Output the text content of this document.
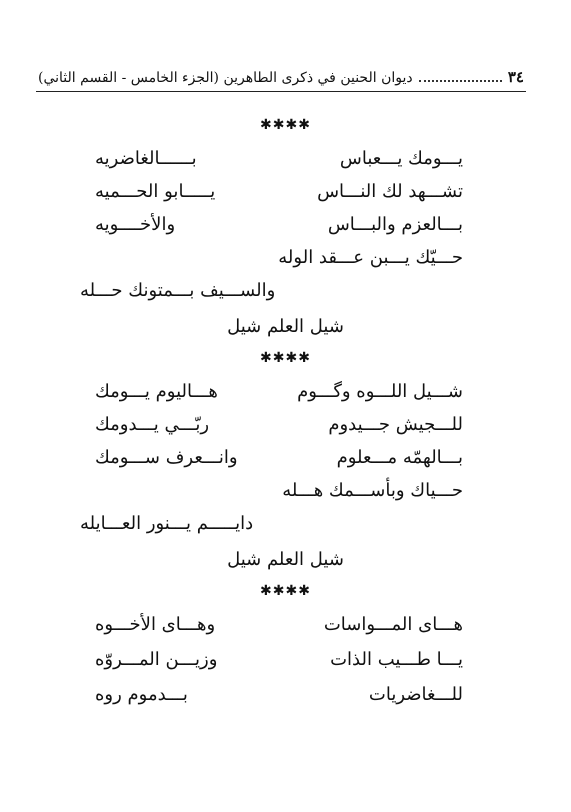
٣٤
ديوان الحنين في ذكرى الطاهرين (الجزء الخامس - القسم الثاني)
✱✱✱✱
يـــومك يـــعباس
بــــــالغاضريه
تشـــهد لك النـــاس
يـــــابو الحـــميه
بـــالعزم والبـــاس
والأخــــويه
حـــيّك يـــبن عـــقد الوله
والســـيف بـــمتونك حـــله
شيل العلم شيل
✱✱✱✱
شـــيل اللـــوه وگـــوم
هـــاليوم يـــومك
للـــجيش جـــيدوم
ربّـــي يـــدومك
بـــالهمّه مـــعلوم
وانـــعرف ســـومك
حـــياك وبأســـمك هـــله
دايـــــم يـــنور العـــايله
شيل العلم شيل
✱✱✱✱
هـــاى المـــواسات
وهـــاى الأخـــوه
يـــا طـــيب الذات
وزيـــن المـــروّه
للـــغاضريات
بـــدموم روه
